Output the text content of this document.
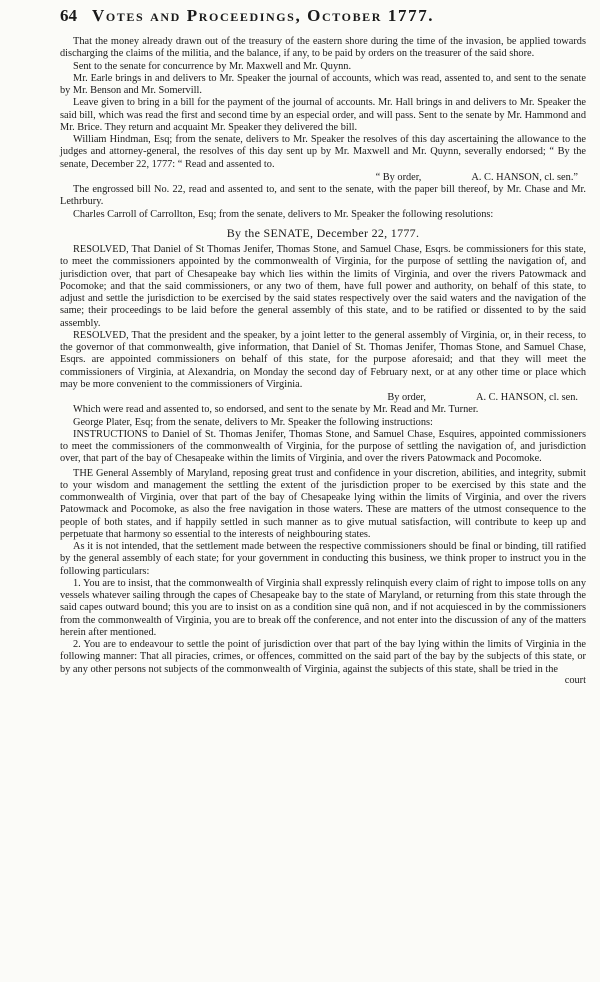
64 Votes and Proceedings, October 1777.

That the money already drawn out of the treasury of the eastern shore during the time of the invasion, be applied towards discharging the claims of the militia, and the balance, if any, to be paid by orders on the treasurer of the said shore.

Sent to the senate for concurrence by Mr. Maxwell and Mr. Quynn.

Mr. Earle brings in and delivers to Mr. Speaker the journal of accounts, which was read, assented to, and sent to the senate by Mr. Benson and Mr. Somervill.

Leave given to bring in a bill for the payment of the journal of accounts. Mr. Hall brings in and delivers to Mr. Speaker the said bill, which was read the first and second time by an especial order, and will pass. Sent to the senate by Mr. Hammond and Mr. Brice. They return and acquaint Mr. Speaker they delivered the bill.

William Hindman, Esq; from the senate, delivers to Mr. Speaker the resolves of this day ascertaining the allowance to the judges and attorney-general, the resolves of this day sent up by Mr. Maxwell and Mr. Quynn, severally endorsed; “ By the senate, December 22, 1777: “ Read and assented to.

“ By order,	A. C. HANSON, cl. sen.”

The engrossed bill No. 22, read and assented to, and sent to the senate, with the paper bill thereof, by Mr. Chase and Mr. Lethrbury.

Charles Carroll of Carrollton, Esq; from the senate, delivers to Mr. Speaker the following resolutions:

By the SENATE, December 22, 1777.

RESOLVED, That Daniel of St Thomas Jenifer, Thomas Stone, and Samuel Chase, Esqrs. be commissioners for this state, to meet the commissioners appointed by the commonwealth of Virginia, for the purpose of settling the navigation of, and jurisdiction over, that part of Chesapeake bay which lies within the limits of Virginia, and over the rivers Patowmack and Pocomoke; and that the said commissioners, or any two of them, have full power and authority, on behalf of this state, to adjust and settle the jurisdiction to be exercised by the said states respectively over the said waters and the navigation of the same; their proceedings to be laid before the general assembly of this state, and to be ratified or dissented to by the said assembly.

RESOLVED, That the president and the speaker, by a joint letter to the general assembly of Virginia, or, in their recess, to the governor of that commonwealth, give information, that Daniel of St. Thomas Jenifer, Thomas Stone, and Samuel Chase, Esqrs. are appointed commissioners on behalf of this state, for the purpose aforesaid; and that they will meet the commissioners of Virginia, at Alexandria, on Monday the second day of February next, or at any other time or place which may be more convenient to the commissioners of Virginia.

By order,	A. C. HANSON, cl. sen.

Which were read and assented to, so endorsed, and sent to the senate by Mr. Read and Mr. Turner.

George Plater, Esq; from the senate, delivers to Mr. Speaker the following instructions:

INSTRUCTIONS to Daniel of St. Thomas Jenifer, Thomas Stone, and Samuel Chase, Esquires, appointed commissioners to meet the commissioners of the commonwealth of Virginia, for the purpose of settling the navigation of, and jurisdiction over, that part of the bay of Chesapeake within the limits of Virginia, and over the rivers Patowmack and Pocomoke.

THE General Assembly of Maryland, reposing great trust and confidence in your discretion, abilities, and integrity, submit to your wisdom and management the settling the extent of the jurisdiction proper to be exercised by this state and the commonwealth of Virginia, over that part of the bay of Chesapeake lying within the limits of Virginia, and over the rivers Patowmack and Pocomoke, as also the free navigation in those waters. These are matters of the utmost consequence to the people of both states, and if happily settled in such manner as to give mutual satisfaction, will contribute to keep up and perpetuate that harmony so essential to the interests of neighbouring states.

As it is not intended, that the settlement made between the respective commissioners should be final or binding, till ratified by the general assembly of each state; for your government in conducting this business, we think proper to instruct you in the following particulars:

1. You are to insist, that the commonwealth of Virginia shall expressly relinquish every claim of right to impose tolls on any vessels whatever sailing through the capes of Chesapeake bay to the state of Maryland, or returning from this state through the said capes outward bound; this you are to insist on as a condition sine quâ non, and if not acquiesced in by the commissioners from the commonwealth of Virginia, you are to break off the conference, and not enter into the discussion of any of the matters herein after mentioned.

2. You are to endeavour to settle the point of jurisdiction over that part of the bay lying within the limits of Virginia in the following manner: That all piracies, crimes, or offences, committed on the said part of the bay by the subjects of this state, or by any other persons not subjects of the commonwealth of Virginia, against the subjects of this state, shall be tried in the

court
